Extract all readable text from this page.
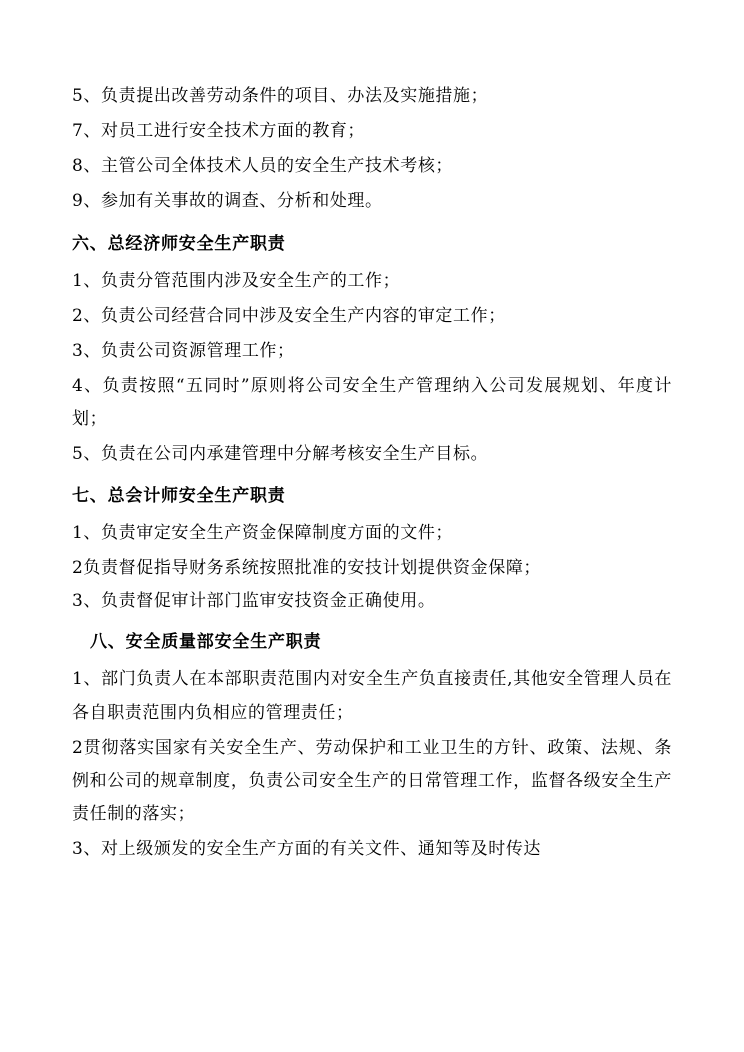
5、负责提出改善劳动条件的项目、办法及实施措施；

7、对员工进行安全技术方面的教育；

8、主管公司全体技术人员的安全生产技术考核；

9、参加有关事故的调查、分析和处理。

六、总经济师安全生产职责

1、负责分管范围内涉及安全生产的工作；

2、负责公司经营合同中涉及安全生产内容的审定工作；

3、负责公司资源管理工作；

4、负责按照“五同时”原则将公司安全生产管理纳入公司发展规划、年度计划；

5、负责在公司内承建管理中分解考核安全生产目标。

七、总会计师安全生产职责

1、负责审定安全生产资金保障制度方面的文件；

2负责督促指导财务系统按照批准的安技计划提供资金保障；

3、负责督促审计部门监审安技资金正确使用。

八、安全质量部安全生产职责

1、部门负责人在本部职责范围内对安全生产负直接责任,其他安全管理人员在各自职责范围内负相应的管理责任；

2贯彻落实国家有关安全生产、劳动保护和工业卫生的方针、政策、法规、条例和公司的规章制度，负责公司安全生产的日常管理工作，监督各级安全生产责任制的落实；

3、对上级颁发的安全生产方面的有关文件、通知等及时传达
